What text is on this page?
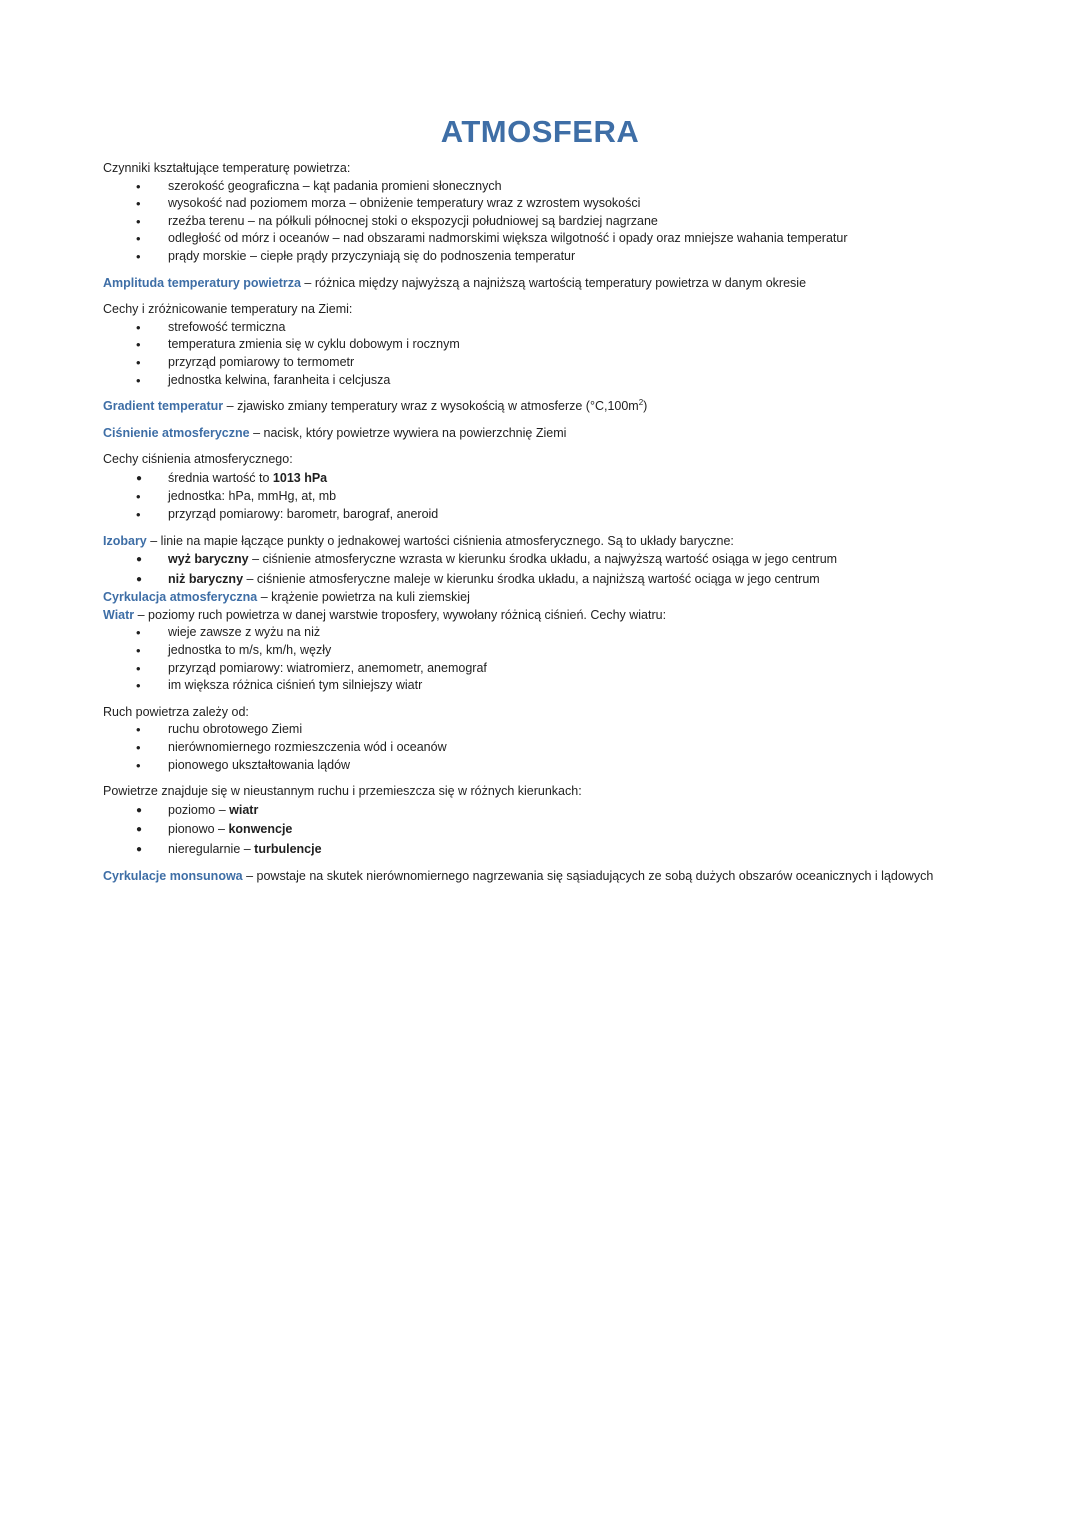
ATMOSFERA

Czynniki kształtujące temperaturę powietrza:

• szerokość geograficzna – kąt padania promieni słonecznych
• wysokość nad poziomem morza – obniżenie temperatury wraz z wzrostem wysokości
• rzeźba terenu – na półkuli północnej stoki o ekspozycji południowej są bardziej nagrzane
• odległość od mórz i oceanów – nad obszarami nadmorskimi większa wilgotność i opady oraz mniejsze wahania temperatur
• prądy morskie – ciepłe prądy przyczyniają się do podnoszenia temperatur

Amplituda temperatury powietrza – różnica między najwyższą a najniższą wartością temperatury powietrza w danym okresie

Cechy i zróżnicowanie temperatury na Ziemi:

• strefowość termiczna
• temperatura zmienia się w cyklu dobowym i rocznym
• przyrząd pomiarowy to termometr
• jednostka kelwina, faranheita i celcjusza

Gradient temperatur – zjawisko zmiany temperatury wraz z wysokością w atmosferze $(^\circ C,100m^2)$

Ciśnienie atmosferyczne – nacisk, który powietrze wywiera na powierzchnię Ziemi

Cechy ciśnienia atmosferycznego:

● średnia wartość to 1013 hPa
• jednostka: hPa, mmHg, at, mb
• przyrząd pomiarowy: barometr, barograf, aneroid

Izobary – linie na mapie łączące punkty o jednakowej wartości ciśnienia atmosferycznego. Są to układy baryczne:

● wyż baryczny – ciśnienie atmosferyczne wzrasta w kierunku środka układu, a najwyższą wartość osiąga w jego centrum
● niż baryczny – ciśnienie atmosferyczne maleje w kierunku środka układu, a najniższą wartość ociąga w jego centrum

Cyrkulacja atmosferyczna – krążenie powietrza na kuli ziemskiej

Wiatr – poziomy ruch powietrza w danej warstwie troposfery, wywołany różnicą ciśnień. Cechy wiatru:

• wieje zawsze z wyżu na niż
• jednostka to m/s, km/h, węzły
• przyrząd pomiarowy: wiatromierz, anemometr, anemograf
• im większa różnica ciśnień tym silniejszy wiatr

Ruch powietrza zależy od:

• ruchu obrotowego Ziemi
• nierównomiernego rozmieszczenia wód i oceanów
• pionowego ukształtowania lądów

Powietrze znajduje się w nieustannym ruchu i przemieszcza się w różnych kierunkach:

● poziomo – wiatr
● pionowo – konwencje
● nieregularnie – turbulencje

Cyrkulacje monsunowa – powstaje na skutek nierównomiernego nagrzewania się sąsiadujących ze sobą dużych obszarów oceanicznych i lądowych
